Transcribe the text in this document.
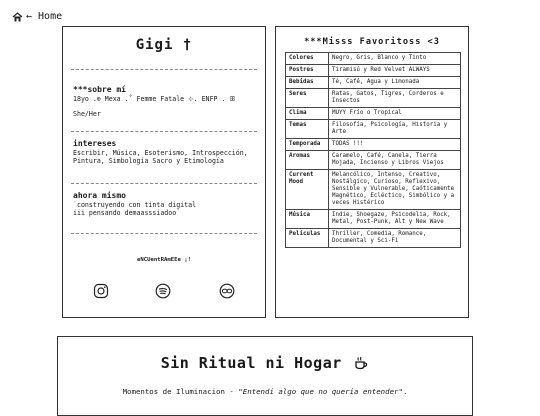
← Home
Gigi †
***sobre mí
18yo .⊕ Mexa .˚ Femme Fatale ⊹. ENFP . ꕥ
She/Her
intereses
Escribir, Música, Esoterismo, Introspección, Pintura, Simbología Sacro y Etimología
ahora mismo
˙construyendo con tinta digital
iii pensando demaasssiadoo˙
eNCUentRAmEEe ¡!
***Misss Favoritoss <3
Colores	Negro, Gris, Blanco y Tinto
Postres	Tiramisú y Red Velvet ALWAYS
Bebidas	Té, Café, Agua y Limonada
Seres	Ratas, Gatos, Tigres, Corderos e Insectos
Clima	MUYY Frío o Tropical
Temas	Filosofía, Psicología, Historia y Arte
Temporada	TODAS !!!
Aromas	Caramelo, Café, Canela, Tierra Mojada, Incienso y Libros Viejos
Current Mood	Melancólico, Intenso, Creativo, Nostálgico, Curioso, Reflexivo, Sensible y Vulnerable, Caóticamente Magnético, Ecléctico, Simbólico y a veces Histérico
Música	Indie, Shoegaze, Psicodelia, Rock, Metal, Post-Punk, Alt y New Wave
Películas	Thriller, Comedia, Romance, Documental y Sci-Fi
Sin Ritual ni Hogar
Momentos de Iluminacion - "Entendí algo que no quería entender".
